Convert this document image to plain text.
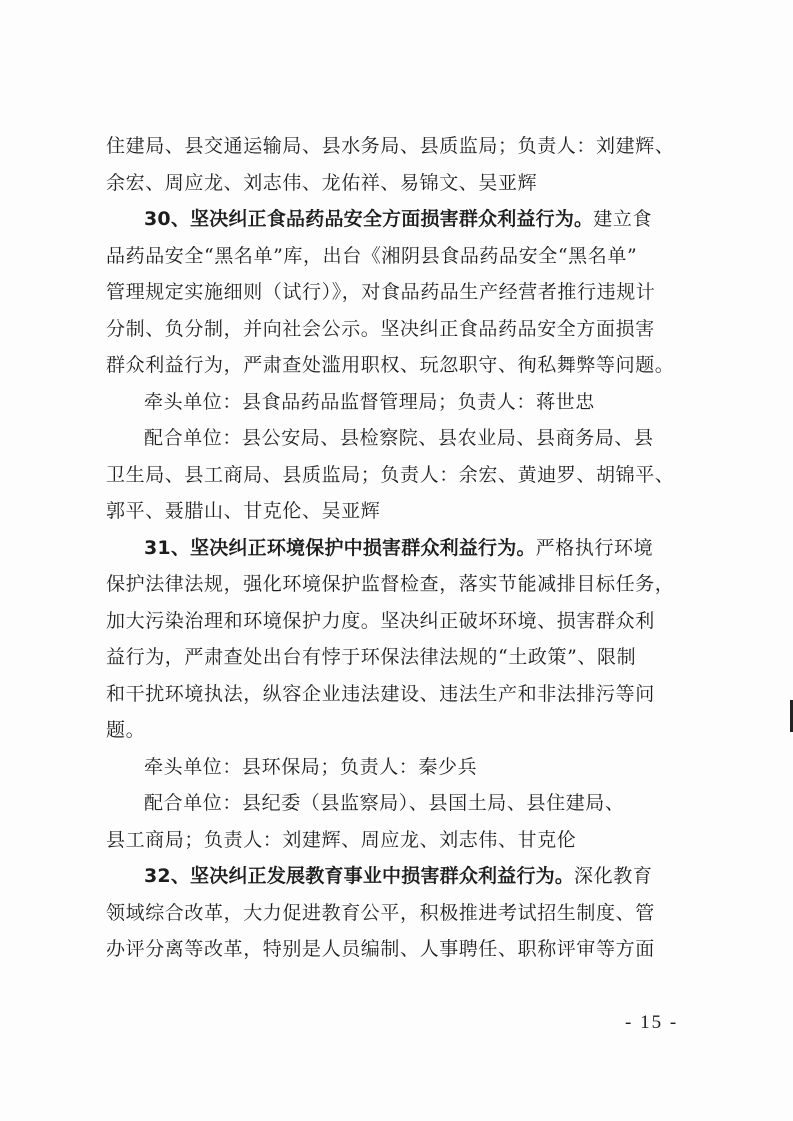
住建局、县交通运输局、县水务局、县质监局；负责人：刘建辉、
余宏、周应龙、刘志伟、龙佑祥、易锦文、吴亚辉
30、坚决纠正食品药品安全方面损害群众利益行为。建立食
品药品安全“黑名单”库，出台《湘阴县食品药品安全“黑名单”
管理规定实施细则（试行）》，对食品药品生产经营者推行违规计
分制、负分制，并向社会公示。坚决纠正食品药品安全方面损害
群众利益行为，严肃查处滥用职权、玩忽职守、徇私舞弊等问题。
牵头单位：县食品药品监督管理局；负责人：蒋世忠
配合单位：县公安局、县检察院、县农业局、县商务局、县
卫生局、县工商局、县质监局；负责人：余宏、黄迪罗、胡锦平、
郭平、聂腊山、甘克伦、吴亚辉
31、坚决纠正环境保护中损害群众利益行为。严格执行环境
保护法律法规，强化环境保护监督检查，落实节能减排目标任务，
加大污染治理和环境保护力度。坚决纠正破坏环境、损害群众利
益行为，严肃查处出台有悖于环保法律法规的“土政策”、限制
和干扰环境执法，纵容企业违法建设、违法生产和非法排污等问
题。
牵头单位：县环保局；负责人：秦少兵
配合单位：县纪委（县监察局）、县国土局、县住建局、
县工商局；负责人：刘建辉、周应龙、刘志伟、甘克伦
32、坚决纠正发展教育事业中损害群众利益行为。深化教育
领域综合改革，大力促进教育公平，积极推进考试招生制度、管
办评分离等改革，特别是人员编制、人事聘任、职称评审等方面
- 15 -
